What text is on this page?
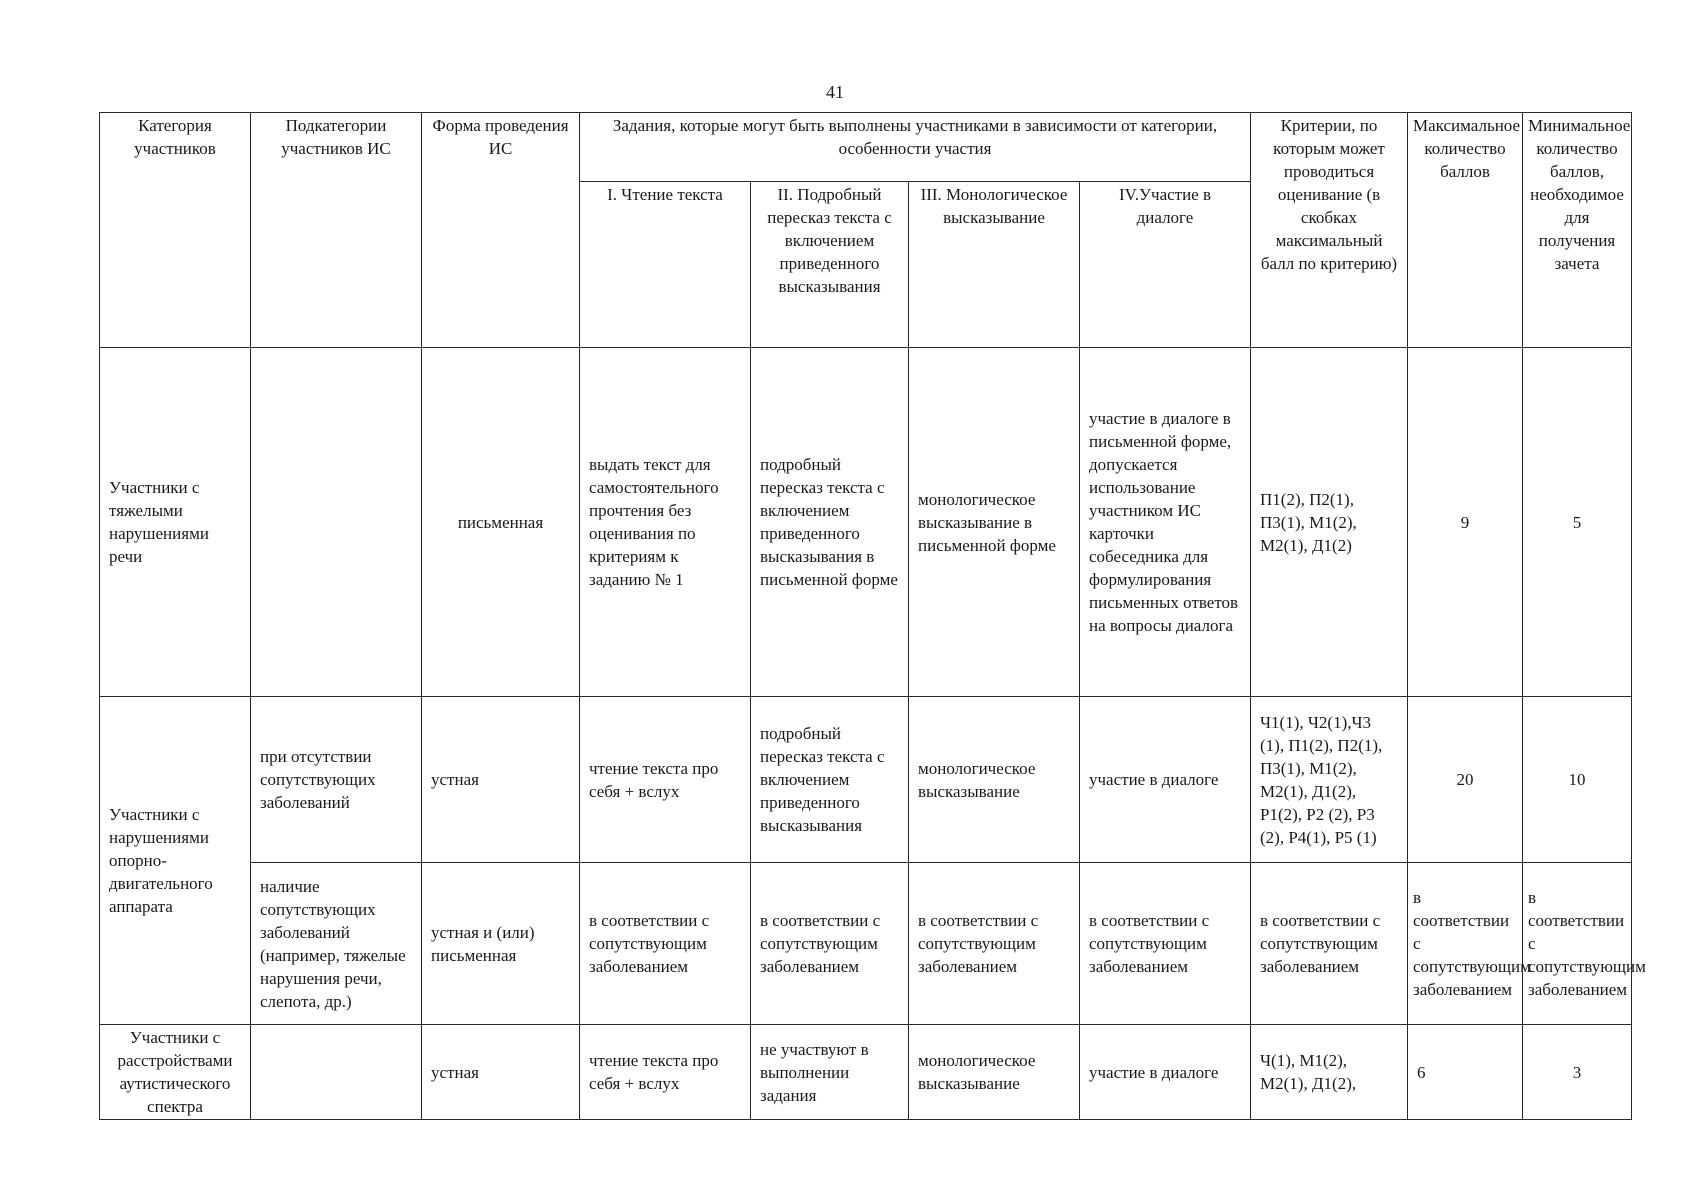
41
Категория участников	Подкатегории участников ИС	Форма проведения ИС	Задания, которые могут быть выполнены участниками в зависимости от категории, особенности участия				Критерии, по которым может проводиться оценивание (в скобках максимальный балл по критерию)	Максимальное количество баллов	Минимальное количество баллов, необходимое для получения зачета
			I. Чтение текста	II. Подробный пересказ текста с включением приведенного высказывания	III. Монологическое высказывание	IV.Участие в диалоге			
Участники с тяжелыми нарушениями речи		письменная	выдать текст для самостоятельного прочтения без оценивания по критериям к заданию № 1	подробный пересказ текста с включением приведенного высказывания в письменной форме	монологическое высказывание в письменной форме	участие в диалоге в письменной форме, допускается использование участником ИС карточки собеседника для формулирования письменных ответов на вопросы диалога	П1(2), П2(1), П3(1), М1(2), М2(1), Д1(2)	9	5
Участники с нарушениями опорно-двигательного аппарата	при отсутствии сопутствующих заболеваний	устная	чтение текста про себя + вслух	подробный пересказ текста с включением приведенного высказывания	монологическое высказывание	участие в диалоге	Ч1(1), Ч2(1),Ч3 (1), П1(2), П2(1), П3(1), М1(2), М2(1), Д1(2), Р1(2), Р2 (2), Р3 (2), Р4(1), Р5 (1)	20	10
	наличие сопутствующих заболеваний (например, тяжелые нарушения речи, слепота, др.)	устная и (или) письменная	в соответствии с сопутствующим заболеванием	в соответствии с сопутствующим заболеванием	в соответствии с сопутствующим заболеванием	в соответствии с сопутствующим заболеванием	в соответствии с сопутствующим заболеванием	в соответствии с сопутствующим заболеванием	в соответствии с сопутствующим заболеванием
Участники с расстройствами аутистического спектра		устная	чтение текста про себя + вслух	не участвуют в выполнении задания	монологическое высказывание	участие в диалоге	Ч(1), М1(2), М2(1), Д1(2),	6	3
